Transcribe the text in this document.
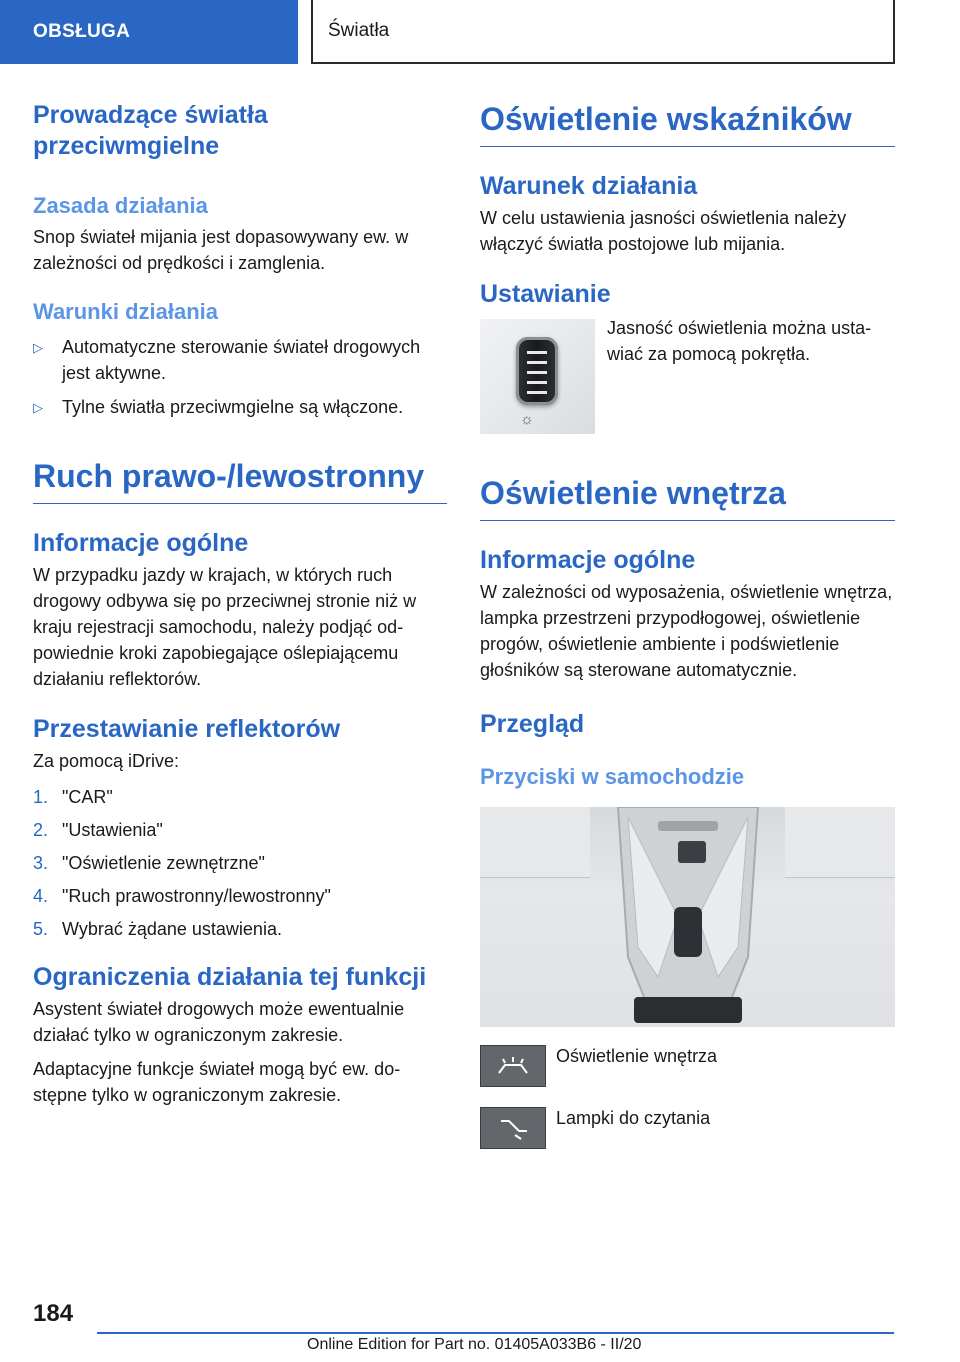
OBSŁUGA	Światła
Prowadzące światła przeciwmgielne
Zasada działania

Snop świateł mijania jest dopasowywany ew. w zależności od prędkości i zamglenia.

Warunki działania
▷	Automatyczne sterowanie świateł drogowych jest aktywne.
▷	Tylne światła przeciwmgielne są włączone.
Ruch prawo-/lewostronny
Informacje ogólne

W przypadku jazdy w krajach, w których ruch drogowy odbywa się po przeciwnej stronie niż w kraju rejestracji samochodu, należy podjąć odpowiednie kroki zapobiegające oślepiającemu działaniu reflektorów.

Przestawianie reflektorów

Za pomocą iDrive:

1. "CAR"
2. "Ustawienia"
3. "Oświetlenie zewnętrzne"
4. "Ruch prawostronny/lewostronny"
5. Wybrać żądane ustawienia.
Ograniczenia działania tej funkcji

Asystent świateł drogowych może ewentualnie działać tylko w ograniczonym zakresie.

Adaptacyjne funkcje świateł mogą być ew. dostępne tylko w ograniczonym zakresie.

Oświetlenie wskaźników
Warunek działania

W celu ustawienia jasności oświetlenia należy włączyć światła postojowe lub mijania.

Ustawianie
☼

Jasność oświetlenia można ustawiać za pomocą pokrętła.

Oświetlenie wnętrza
Informacje ogólne

W zależności od wyposażenia, oświetlenie wnętrza, lampka przestrzeni przypodłogowej, oświetlenie progów, oświetlenie ambiente i podświetlenie głośników są sterowane automatycznie.

Przegląd
Przyciski w samochodzie

Oświetlenie wnętrza

Lampki do czytania

184
Online Edition for Part no. 01405A033B6 - II/20
